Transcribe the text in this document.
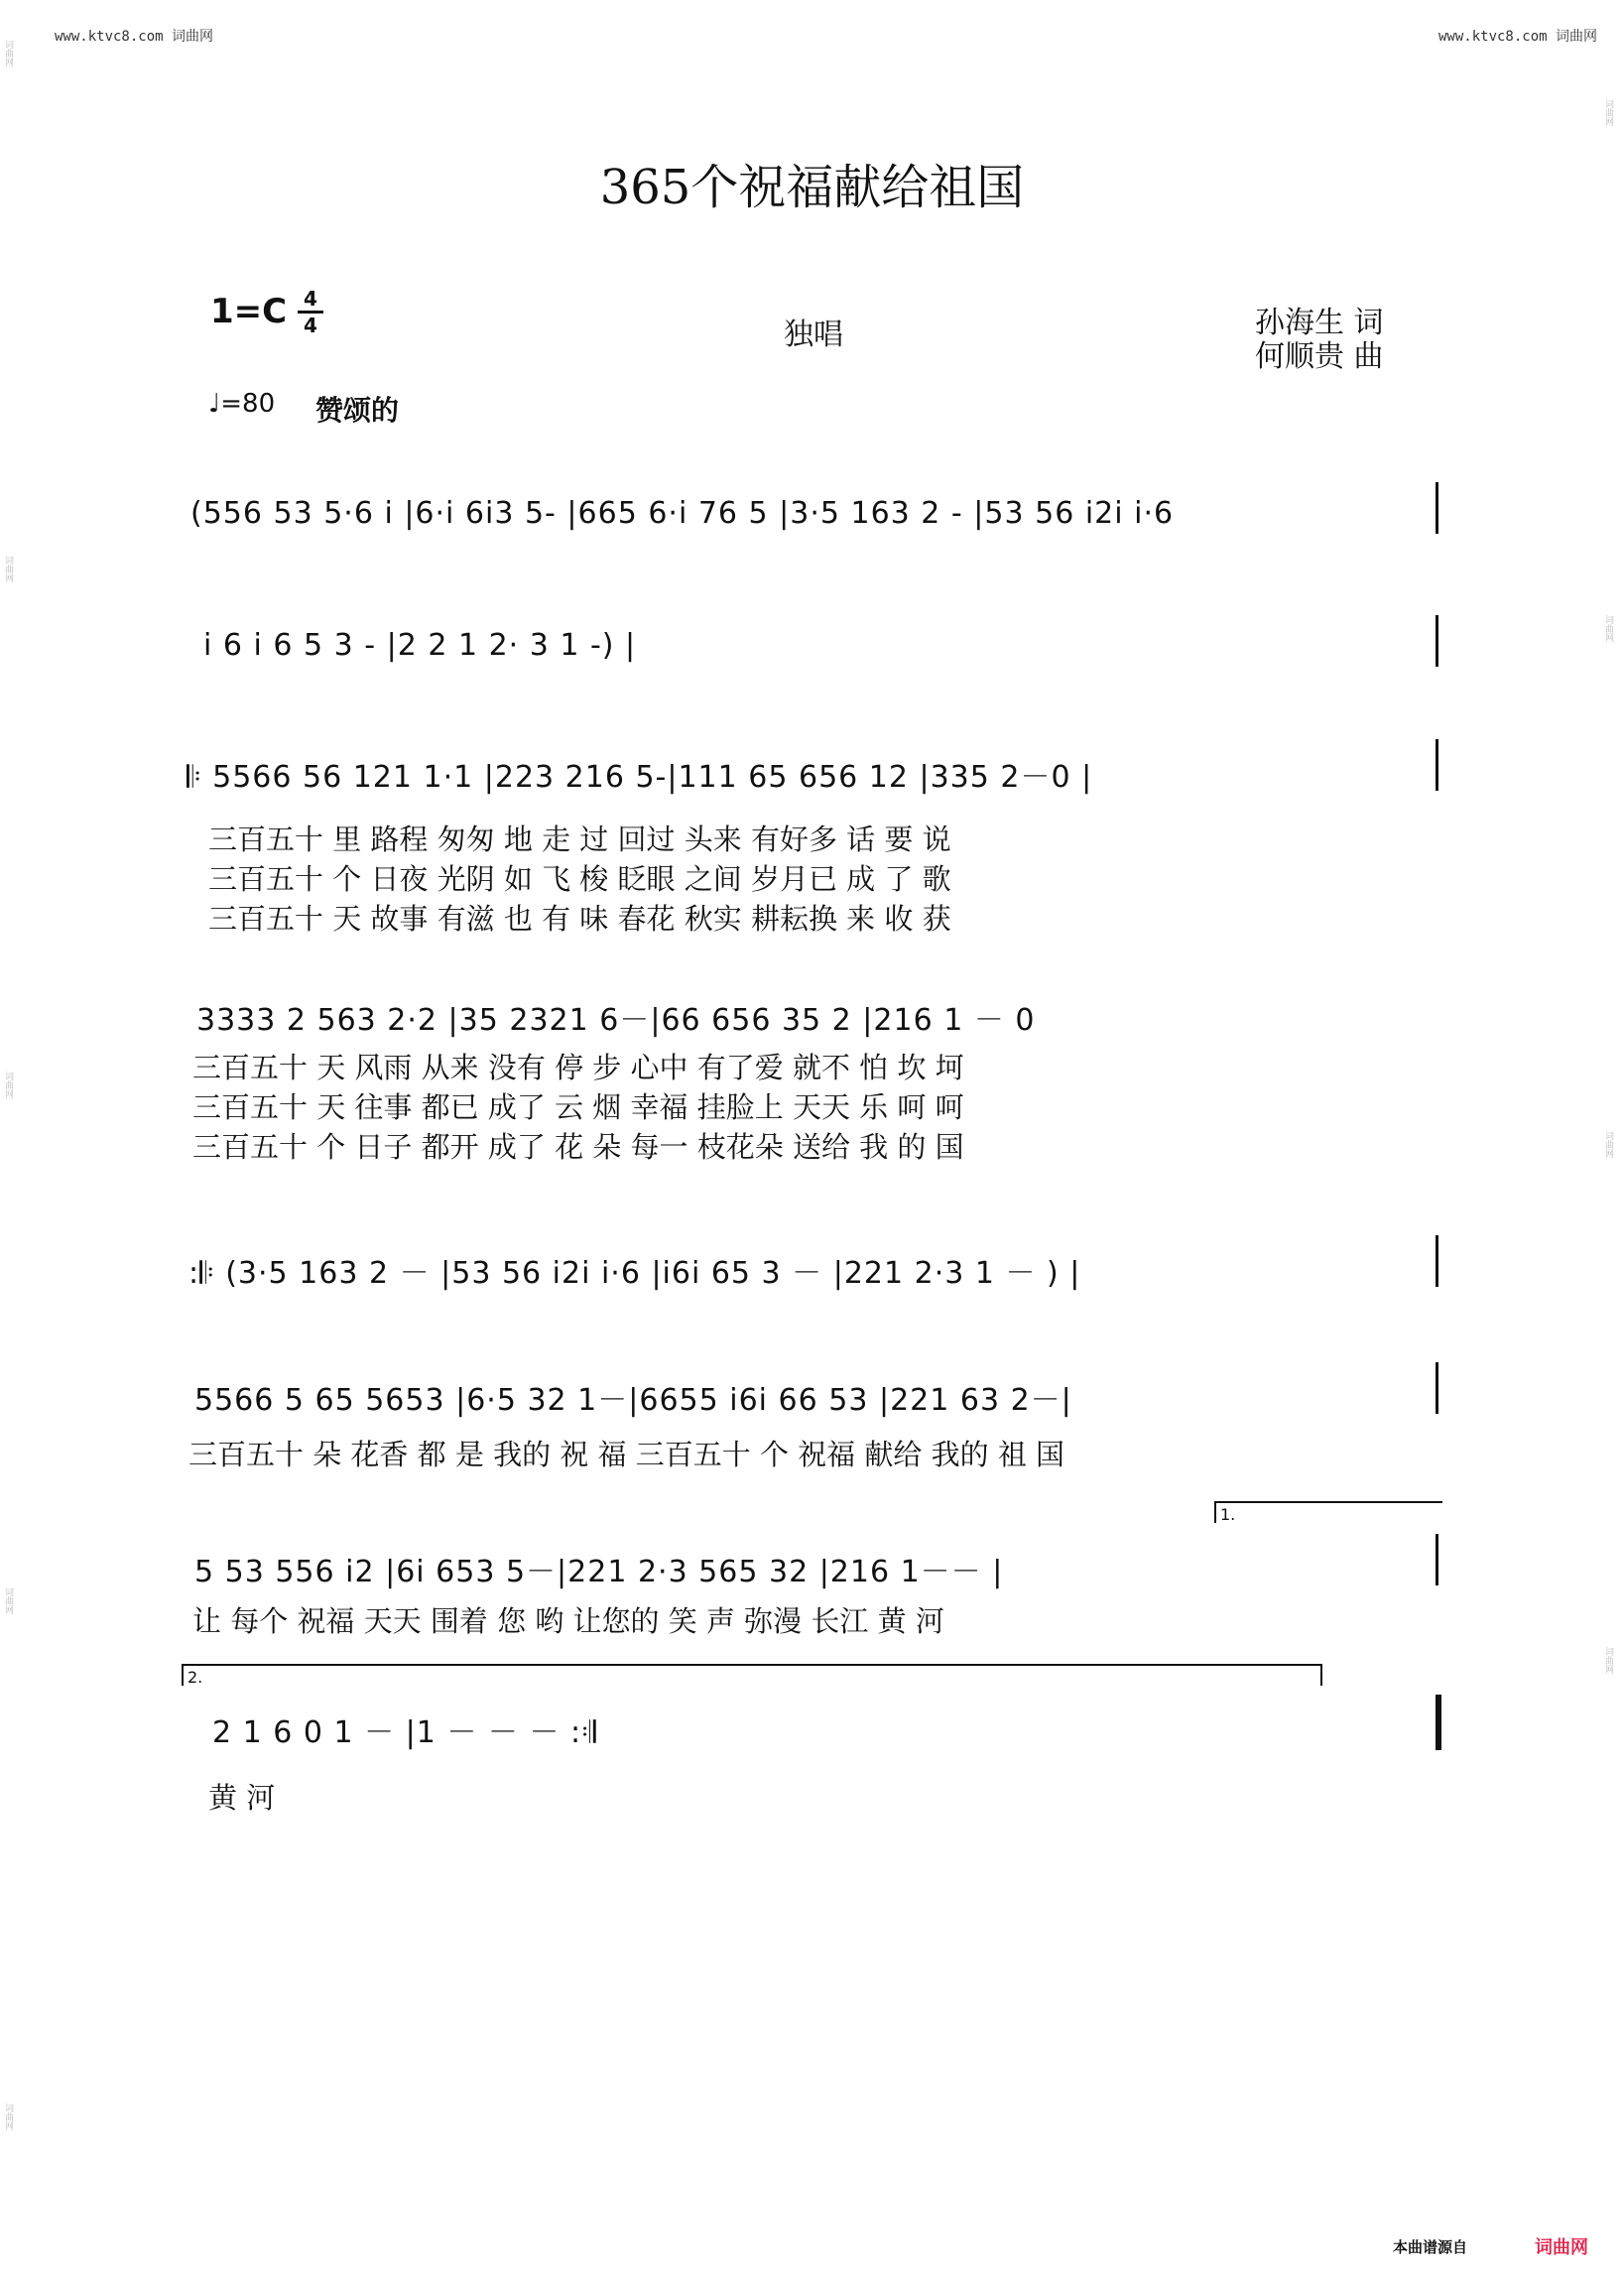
词曲网
词曲网
词曲网
词曲网
词曲网
词曲网
词曲网
词曲网
词曲网
www.ktvc8.com 词曲网	www.ktvc8.com 词曲网
365个祝福献给祖国
1=C 4
4	独唱	孙海生 词
何顺贵 曲
♩=80 赞颂的
(556 53 5·6 i |6·i 6i3 5- |665 6·i 76 5 |3·5 163 2 - |53 56 i2i i·6
i 6 i 6 5 3 - |2 2 1 2· 3 1 -) |
𝄆 5566 56 121 1·1 |223 216 5-|111 65 656 12 |335 2－0 |
3333 2 563 2·2 |35 2321 6－|66 656 35 2 |216 1 － 0
:𝄆 (3·5 163 2 － |53 56 i2i i·6 |i6i 65 3 － |221 2·3 1 － ) |
5566 5 65 5653 |6·5 32 1－|6655 i6i 66 53 |221 63 2－|
5 53 556 i2 |6i 653 5－|221 2·3 565 32 |216 1－－ |
2 1 6 0 1 － |1 － － － :𝄇
三百五十 里 路程 匆匆 地 走 过 回过 头来 有好多 话 要 说
三百五十 个 日夜 光阴 如 飞 梭 眨眼 之间 岁月已 成 了 歌
三百五十 天 故事 有滋 也 有 味 春花 秋实 耕耘换 来 收 获
三百五十 天 风雨 从来 没有 停 步 心中 有了爱 就不 怕 坎 坷
三百五十 天 往事 都已 成了 云 烟 幸福 挂脸上 天天 乐 呵 呵
三百五十 个 日子 都开 成了 花 朵 每一 枝花朵 送给 我 的 国
三百五十 朵 花香 都 是 我的 祝 福 三百五十 个 祝福 献给 我的 祖 国
让 每个 祝福 天天 围着 您 哟 让您的 笑 声 弥漫 长江 黄 河
黄 河
1.
2.
本曲谱源自	词曲网
